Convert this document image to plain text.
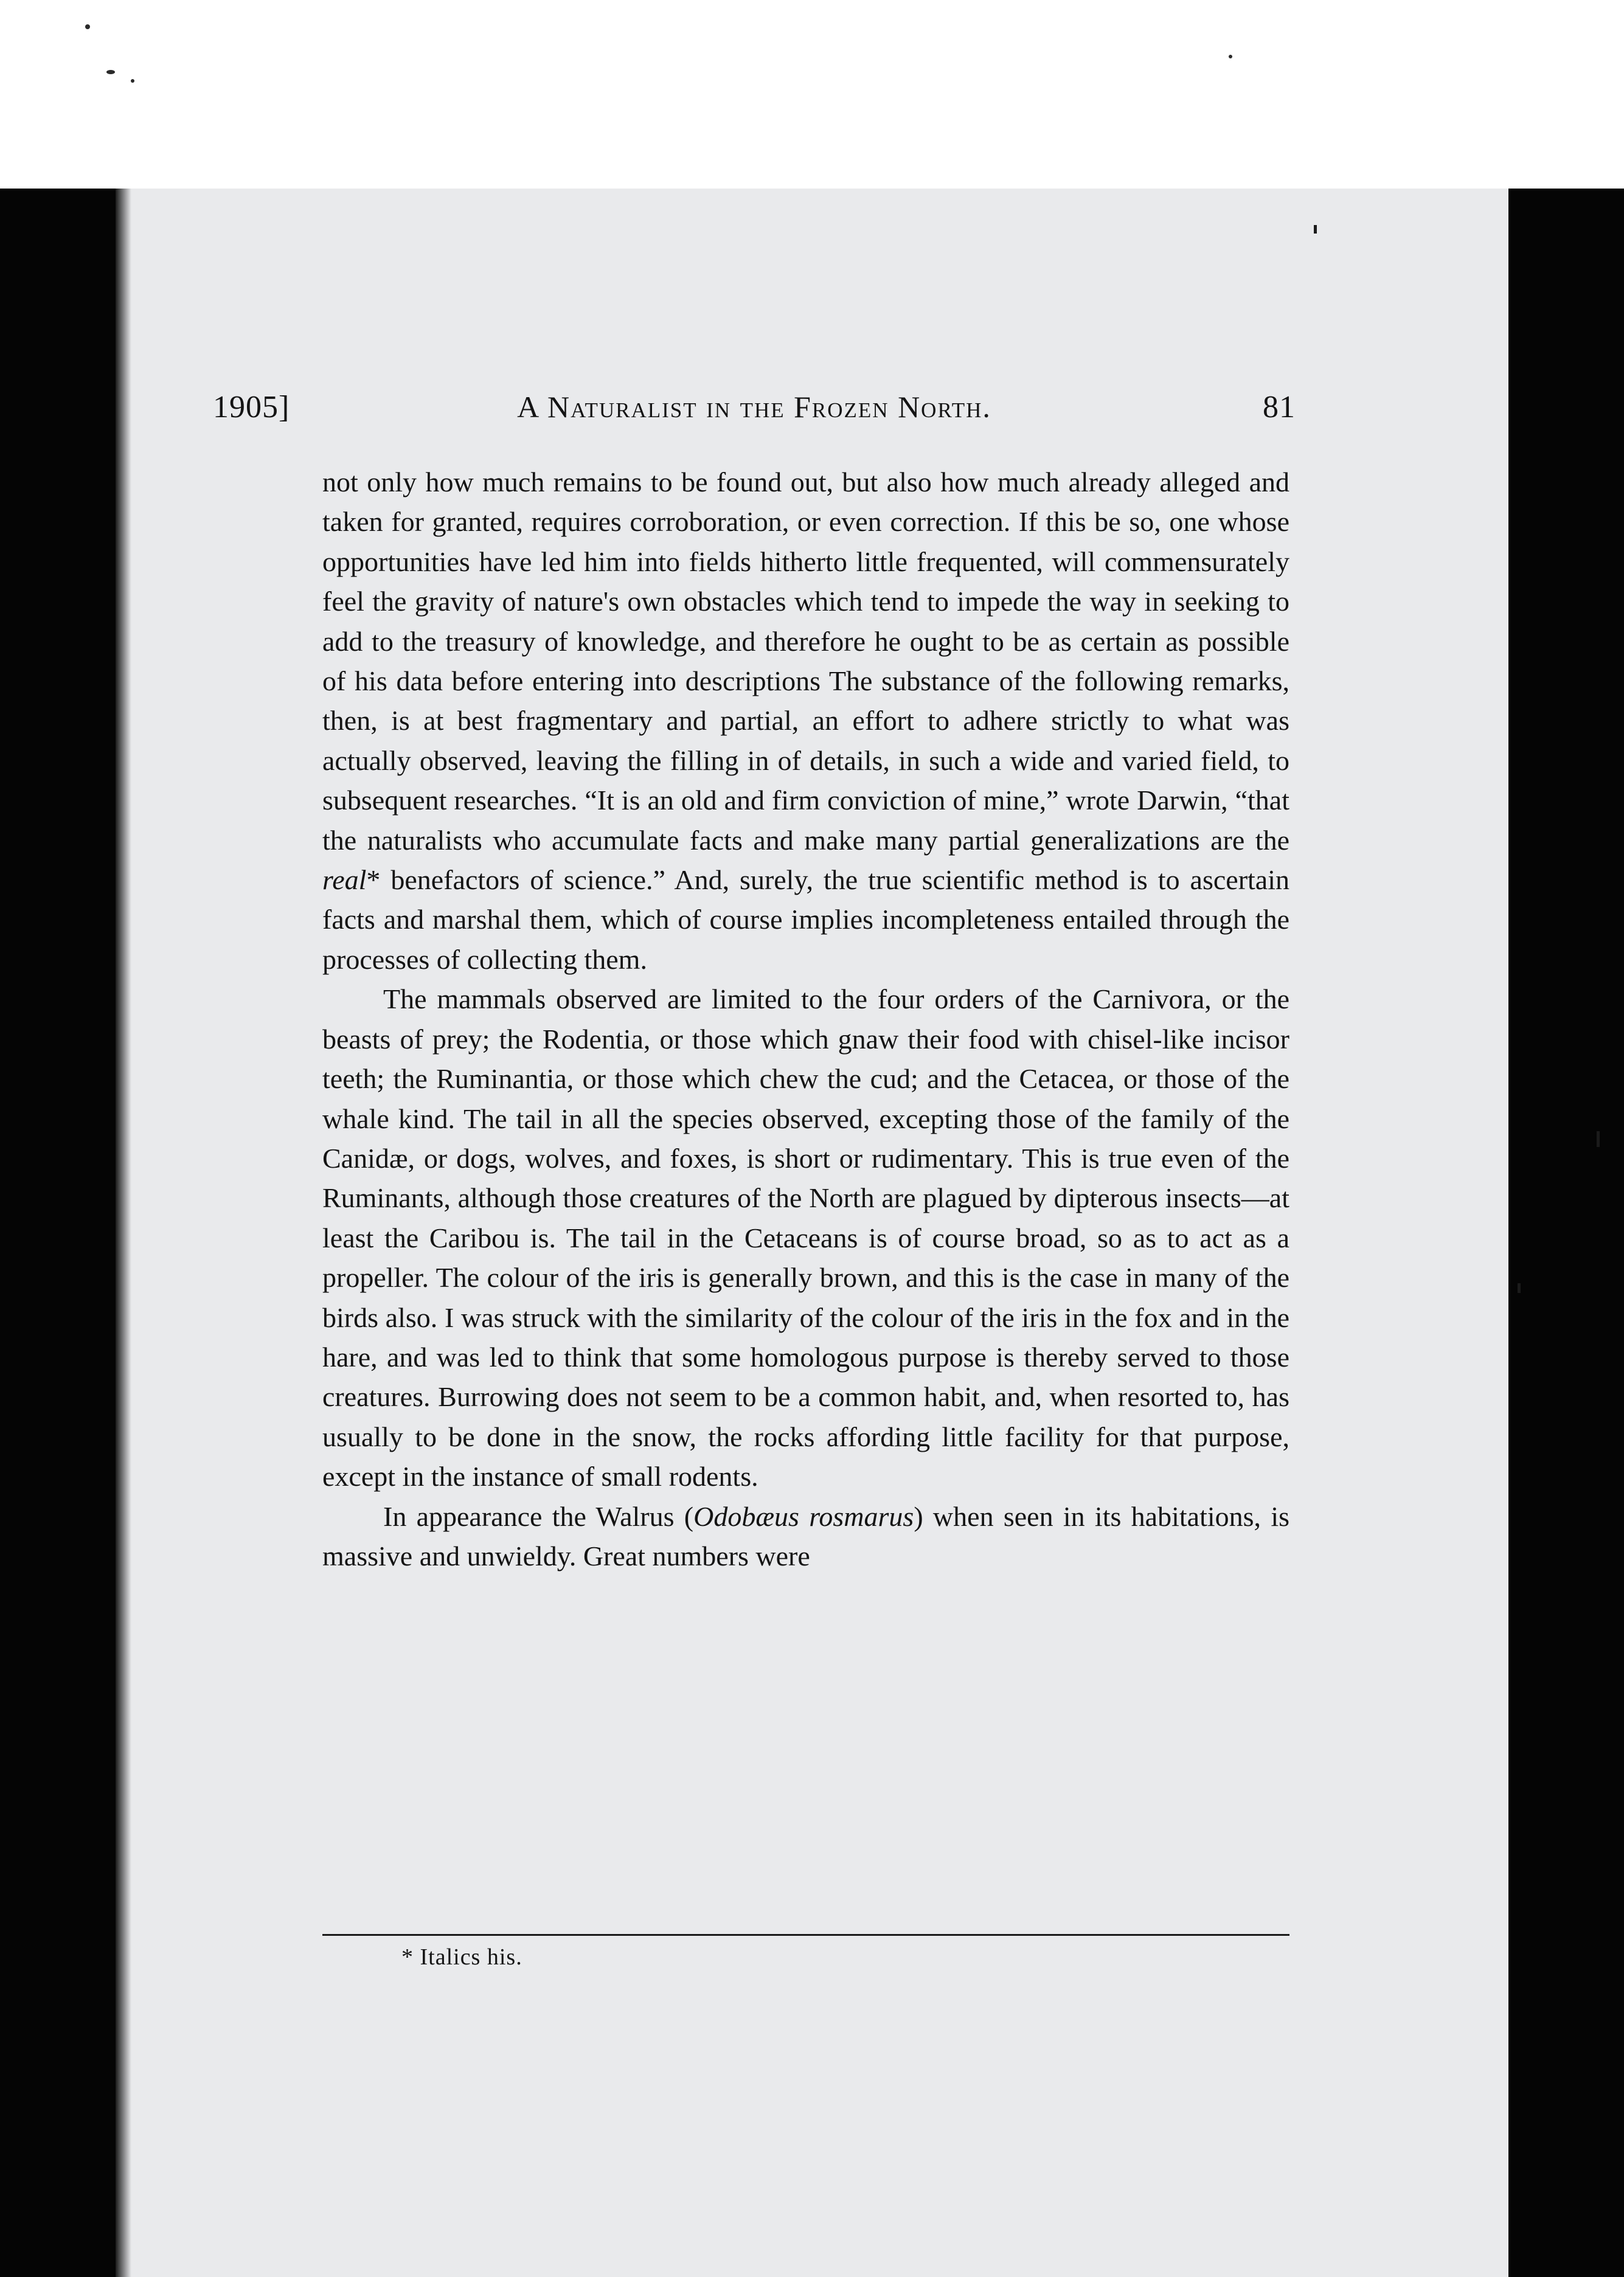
1905]	A Naturalist in the Frozen North.	81

not only how much remains to be found out, but also how much already alleged and taken for granted, requires corroboration, or even correction. If this be so, one whose opportunities have led him into fields hitherto little frequented, will commensurately feel the gravity of nature's own obstacles which tend to impede the way in seeking to add to the treasury of knowledge, and therefore he ought to be as certain as possible of his data before entering into descriptions The substance of the following remarks, then, is at best fragmentary and partial, an effort to adhere strictly to what was actually observed, leaving the filling in of details, in such a wide and varied field, to subsequent researches. “It is an old and firm conviction of mine,” wrote Darwin, “that the naturalists who accumulate facts and make many partial generalizations are the real* benefactors of science.” And, surely, the true scientific method is to ascertain facts and marshal them, which of course implies incompleteness entailed through the processes of collecting them.

The mammals observed are limited to the four orders of the Carnivora, or the beasts of prey; the Rodentia, or those which gnaw their food with chisel-like incisor teeth; the Ruminantia, or those which chew the cud; and the Cetacea, or those of the whale kind. The tail in all the species observed, excepting those of the family of the Canidæ, or dogs, wolves, and foxes, is short or rudimentary. This is true even of the Ruminants, although those creatures of the North are plagued by dipterous insects—at least the Caribou is. The tail in the Cetaceans is of course broad, so as to act as a propeller. The colour of the iris is generally brown, and this is the case in many of the birds also. I was struck with the similarity of the colour of the iris in the fox and in the hare, and was led to think that some homologous purpose is thereby served to those creatures. Burrowing does not seem to be a common habit, and, when resorted to, has usually to be done in the snow, the rocks affording little facility for that purpose, except in the instance of small rodents.

In appearance the Walrus (Odobæus rosmarus) when seen in its habitations, is massive and unwieldy. Great numbers were

* Italics his.
